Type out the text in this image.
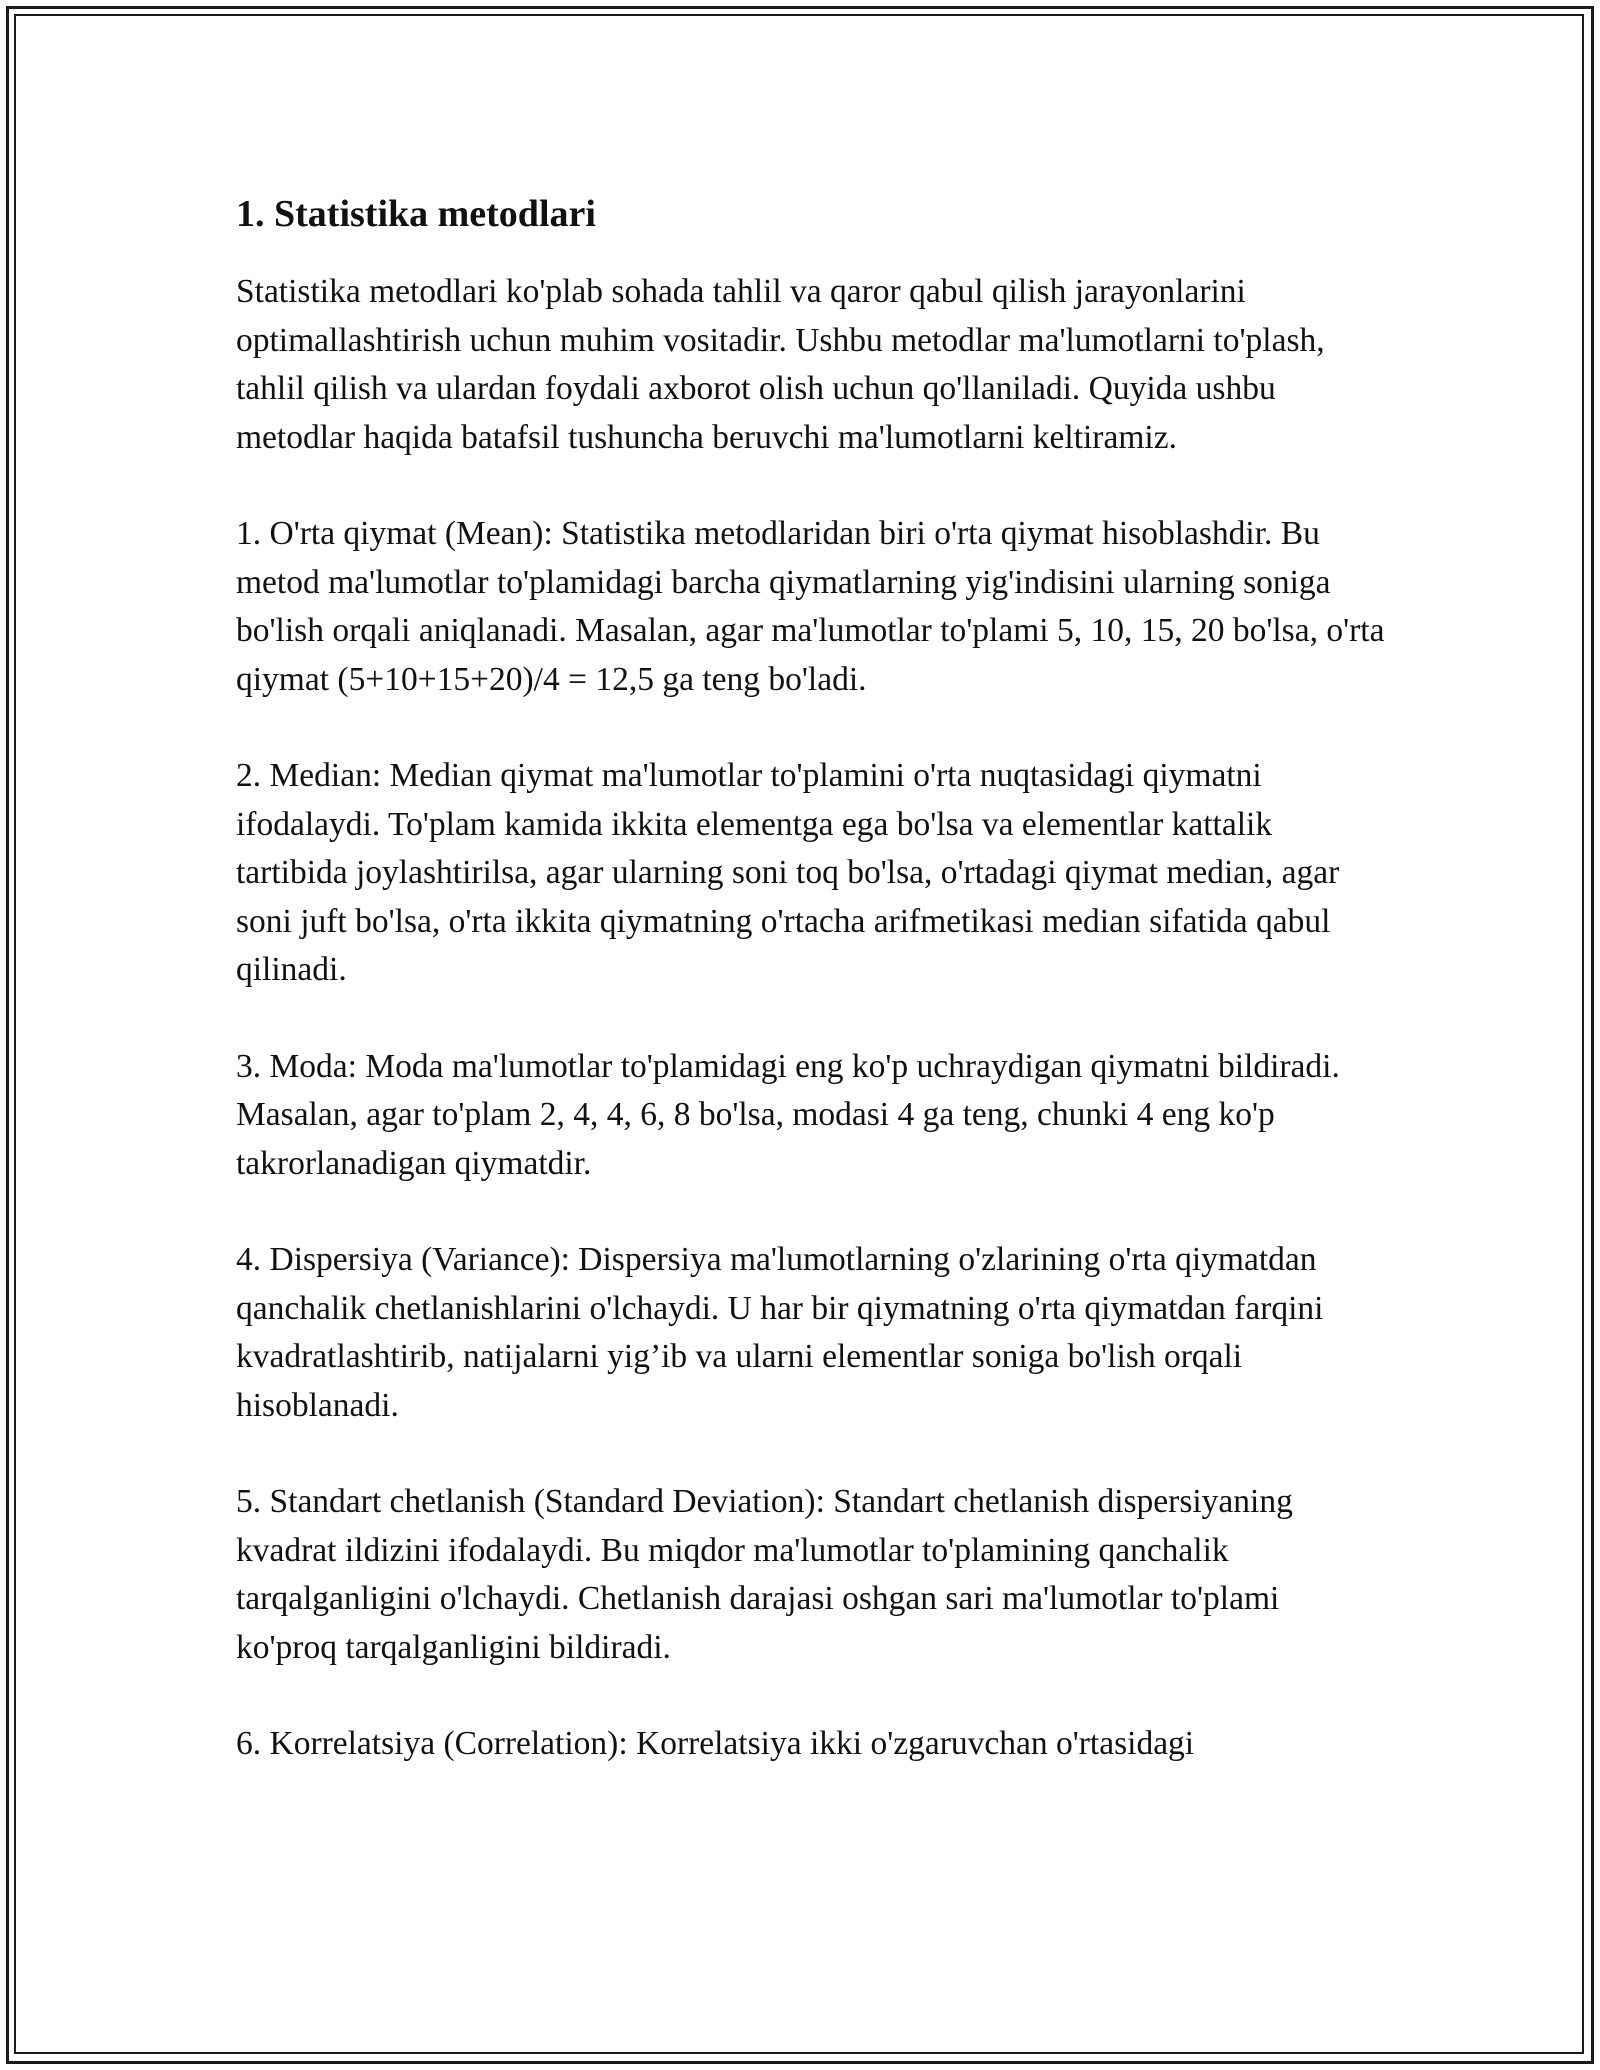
1. Statistika metodlari

Statistika metodlari ko'plab sohada tahlil va qaror qabul qilish jarayonlarini optimallashtirish uchun muhim vositadir. Ushbu metodlar ma'lumotlarni to'plash, tahlil qilish va ulardan foydali axborot olish uchun qo'llaniladi. Quyida ushbu metodlar haqida batafsil tushuncha beruvchi ma'lumotlarni keltiramiz.

1. O'rta qiymat (Mean): Statistika metodlaridan biri o'rta qiymat hisoblashdir. Bu metod ma'lumotlar to'plamidagi barcha qiymatlarning yig'indisini ularning soniga bo'lish orqali aniqlanadi. Masalan, agar ma'lumotlar to'plami 5, 10, 15, 20 bo'lsa, o'rta qiymat (5+10+15+20)/4 = 12,5 ga teng bo'ladi.

2. Median: Median qiymat ma'lumotlar to'plamini o'rta nuqtasidagi qiymatni ifodalaydi. To'plam kamida ikkita elementga ega bo'lsa va elementlar kattalik tartibida joylashtirilsa, agar ularning soni toq bo'lsa, o'rtadagi qiymat median, agar soni juft bo'lsa, o'rta ikkita qiymatning o'rtacha arifmetikasi median sifatida qabul qilinadi.

3. Moda: Moda ma'lumotlar to'plamidagi eng ko'p uchraydigan qiymatni bildiradi. Masalan, agar to'plam 2, 4, 4, 6, 8 bo'lsa, modasi 4 ga teng, chunki 4 eng ko'p takrorlanadigan qiymatdir.

4. Dispersiya (Variance): Dispersiya ma'lumotlarning o'zlarining o'rta qiymatdan qanchalik chetlanishlarini o'lchaydi. U har bir qiymatning o'rta qiymatdan farqini kvadratlashtirib, natijalarni yig’ib va ularni elementlar soniga bo'lish orqali hisoblanadi.

5. Standart chetlanish (Standard Deviation): Standart chetlanish dispersiyaning kvadrat ildizini ifodalaydi. Bu miqdor ma'lumotlar to'plamining qanchalik tarqalganligini o'lchaydi. Chetlanish darajasi oshgan sari ma'lumotlar to'plami ko'proq tarqalganligini bildiradi.

6. Korrelatsiya (Correlation): Korrelatsiya ikki o'zgaruvchan o'rtasidagi
